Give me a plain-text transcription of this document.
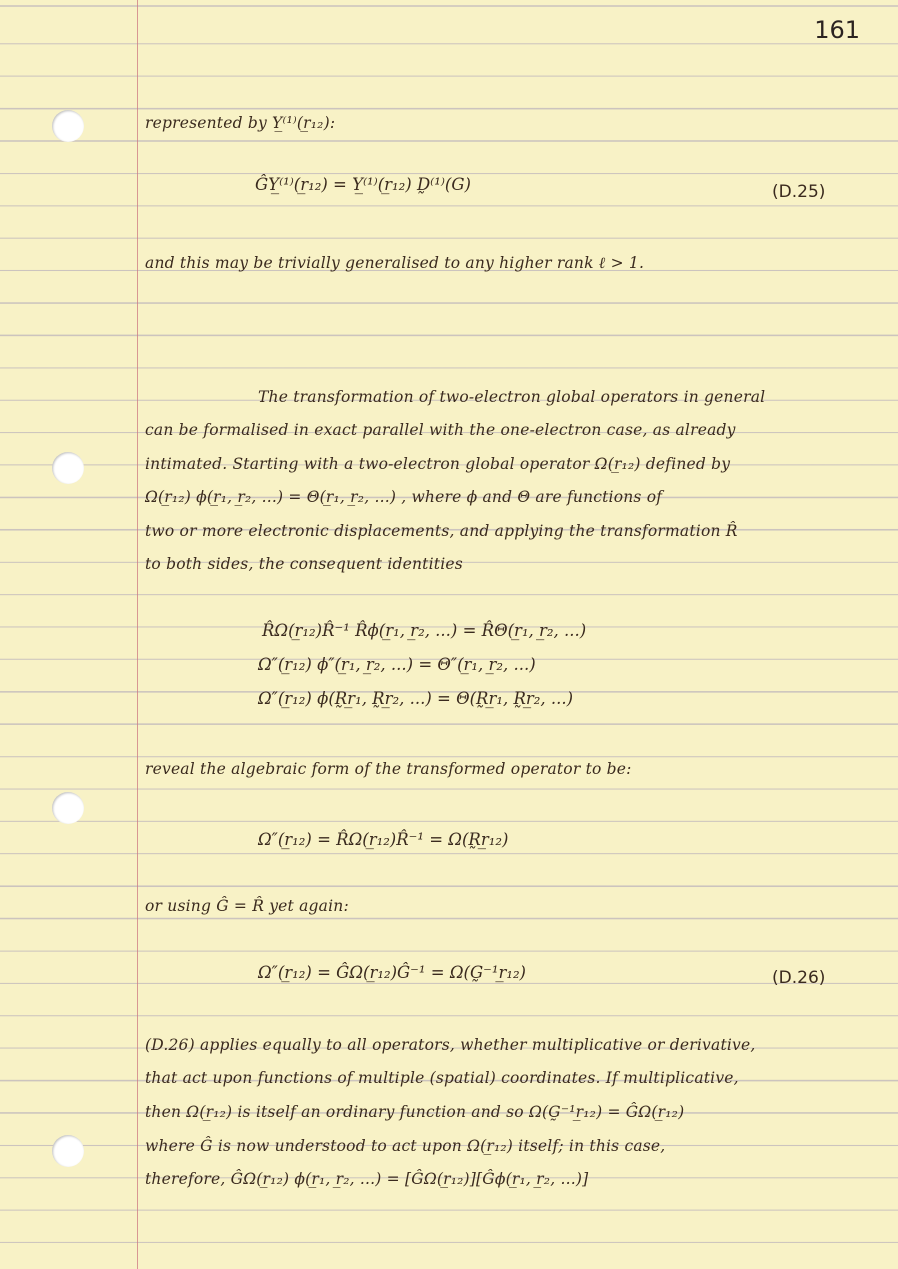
161
represented by Υ̲⁽¹⁾(r̲₁₂):
ĜΥ̲⁽¹⁾(r̲₁₂) = Υ̲⁽¹⁾(r̲₁₂) D̰⁽¹⁾(G)	(D.25)
and this may be trivially generalised to any higher rank ℓ > 1.
The transformation of two-electron global operators in general
can be formalised in exact parallel with the one-electron case, as already
intimated. Starting with a two-electron global operator Ω(r̲₁₂) defined by
Ω(r̲₁₂) ϕ(r̲₁, r̲₂, ...) = Θ(r̲₁, r̲₂, ...) , where ϕ and Θ are functions of
two or more electronic displacements, and applying the transformation R̂
to both sides, the consequent identities
R̂Ω(r̲₁₂)R̂⁻¹ R̂ϕ(r̲₁, r̲₂, ...) = R̂Θ(r̲₁, r̲₂, ...)
Ω″(r̲₁₂) ϕ″(r̲₁, r̲₂, ...) = Θ″(r̲₁, r̲₂, ...)
Ω″(r̲₁₂) ϕ(R̰r̲₁, R̰r̲₂, ...) = Θ(R̰r̲₁, R̰r̲₂, ...)
reveal the algebraic form of the transformed operator to be:
Ω″(r̲₁₂) = R̂Ω(r̲₁₂)R̂⁻¹ = Ω(R̰r̲₁₂)
or using Ĝ = R̂ yet again:
Ω″(r̲₁₂) = ĜΩ(r̲₁₂)Ĝ⁻¹ = Ω(G̰⁻¹r̲₁₂)	(D.26)
(D.26) applies equally to all operators, whether multiplicative or derivative,
that act upon functions of multiple (spatial) coordinates. If multiplicative,
then Ω(r̲₁₂) is itself an ordinary function and so Ω(G̰⁻¹r̲₁₂) = ĜΩ(r̲₁₂)
where Ĝ is now understood to act upon Ω(r̲₁₂) itself; in this case,
therefore, ĜΩ(r̲₁₂) ϕ(r̲₁, r̲₂, ...) = [ĜΩ(r̲₁₂)][Ĝϕ(r̲₁, r̲₂, ...)]
